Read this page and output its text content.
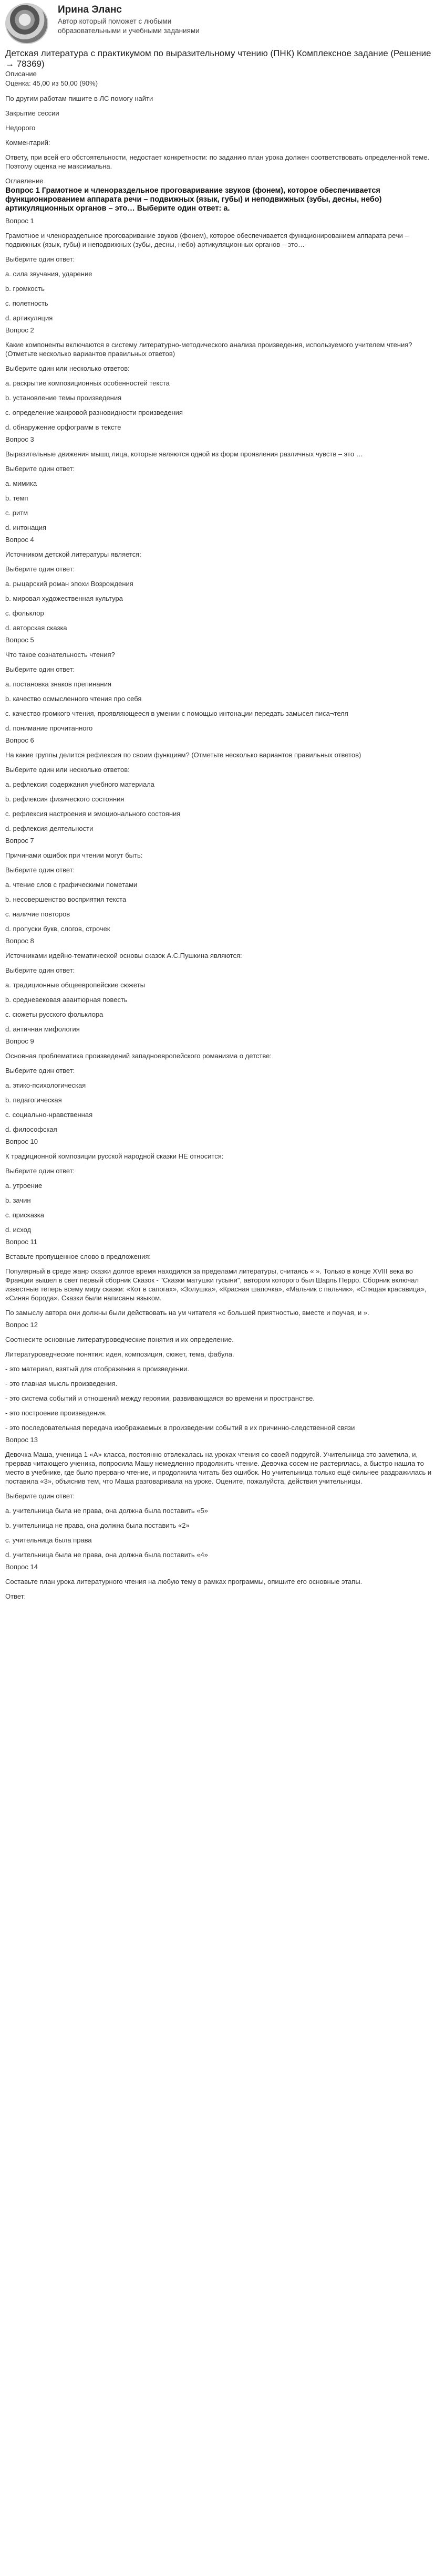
Ирина Эланс
Автор который поможет с любыми образовательными и учебными заданиями
Детская литература с практикумом по выразительному чтению (ПНК) Комплексное задание (Решение → 78369)
Описание
Оценка: 45,00 из 50,00 (90%)
По другим работам пишите в ЛС помогу найти
Закрытие сессии
Недорого
Комментарий:
Ответу, при всей его обстоятельности, недостает конкретности: по заданию план урока должен соответствовать определенной теме. Поэтому оценка не максимальна.
Оглавление
Вопрос 1 Грамотное и членораздельное проговаривание звуков (фонем), которое обеспечивается функционированием аппарата речи – подвижных (язык, губы) и неподвижных (зубы, десны, небо) артикуляционных органов – это… Выберите один ответ: a.
Вопрос 1
Грамотное и членораздельное проговаривание звуков (фонем), которое обеспечивается функционированием аппарата речи – подвижных (язык, губы) и неподвижных (зубы, десны, небо) артикуляционных органов – это…
Выберите один ответ:
a. сила звучания, ударение
b. громкость
c. полетность
d. артикуляция
Вопрос 2
Какие компоненты включаются в систему литературно-методического анализа произведения, используемого учителем чтения? (Отметьте несколько вариантов правильных ответов)
Выберите один или несколько ответов:
a. раскрытие композиционных особенностей текста
b. установление темы произведения
c. определение жанровой разновидности произведения
d. обнаружение орфограмм в тексте
Вопрос 3
Выразительные движения мышц лица, которые являются одной из форм проявления различных чувств – это …
Выберите один ответ:
a. мимика
b. темп
c. ритм
d. интонация
Вопрос 4
Источником детской литературы является:
Выберите один ответ:
a. рыцарский роман эпохи Возрождения
b. мировая художественная культура
c. фольклор
d. авторская сказка
Вопрос 5
Что такое сознательность чтения?
Выберите один ответ:
a. постановка знаков препинания
b. качество осмысленного чтения про себя
c. качество громкого чтения, проявляющееся в умении с помощью интонации передать замысел писа¬теля
d. понимание прочитанного
Вопрос 6
На какие группы делится рефлексия по своим функциям? (Отметьте несколько вариантов правильных ответов)
Выберите один или несколько ответов:
a. рефлексия содержания учебного материала
b. рефлексия физического состояния
c. рефлексия настроения и эмоционального состояния
d. рефлексия деятельности
Вопрос 7
Причинами ошибок при чтении могут быть:
Выберите один ответ:
a. чтение слов с графическими пометами
b. несовершенство восприятия текста
c. наличие повторов
d. пропуски букв, слогов, строчек
Вопрос 8
Источниками идейно-тематической основы сказок А.С.Пушкина являются:
Выберите один ответ:
a. традиционные общеевропейские сюжеты
b. средневековая авантюрная повесть
c. сюжеты русского фольклора
d. античная мифология
Вопрос 9
Основная проблематика произведений западноевропейского романизма о детстве:
Выберите один ответ:
a. этико-психологическая
b. педагогическая
c. социально-нравственная
d. философская
Вопрос 10
К традиционной композиции русской народной сказки НЕ относится:
Выберите один ответ:
a. утроение
b. зачин
c. присказка
d. исход
Вопрос 11
Вставьте пропущенное слово в предложения:
Популярный в среде жанр сказки долгое время находился за пределами литературы, считаясь « ». Только в конце XVIII века во Франции вышел в свет первый сборник Сказок - "Сказки матушки гусыни", автором которого был Шарль Перро. Сборник включал известные теперь всему миру сказки: «Кот в сапогах», «Золушка», «Красная шапочка», «Мальчик с пальчик», «Спящая красавица», «Синяя борода». Сказки были написаны языком.
По замыслу автора они должны были действовать на ум читателя «с большей приятностью, вместе и поучая, и ».
Вопрос 12
Соотнесите основные литературоведческие понятия и их определение.
Литературоведческие понятия: идея, композиция, сюжет, тема, фабула.
- это материал, взятый для отображения в произведении.
- это главная мысль произведения.
- это система событий и отношений между героями, развивающаяся во времени и пространстве.
- это построение произведения.
- это последовательная передача изображаемых в произведении событий в их причинно-следственной связи
Вопрос 13
Девочка Маша, ученица 1 «А» класса, постоянно отвлекалась на уроках чтения со своей подругой. Учительница это заметила, и, прервав читающего ученика, попросила Машу немедленно продолжить чтение. Девочка сосем не растерялась, а быстро нашла то место в учебнике, где было прервано чтение, и продолжила читать без ошибок. Но учительница только ещё сильнее раздражилась и поставила «3», объяснив тем, что Маша разговаривала на уроке. Оцените, пожалуйста, действия учительницы.
Выберите один ответ:
a. учительница была не права, она должна была поставить «5»
b. учительница не права, она должна была поставить «2»
c. учительница была права
d. учительница была не права, она должна была поставить «4»
Вопрос 14
Составьте план урока литературного чтения на любую тему в рамках программы, опишите его основные этапы.
Ответ:
